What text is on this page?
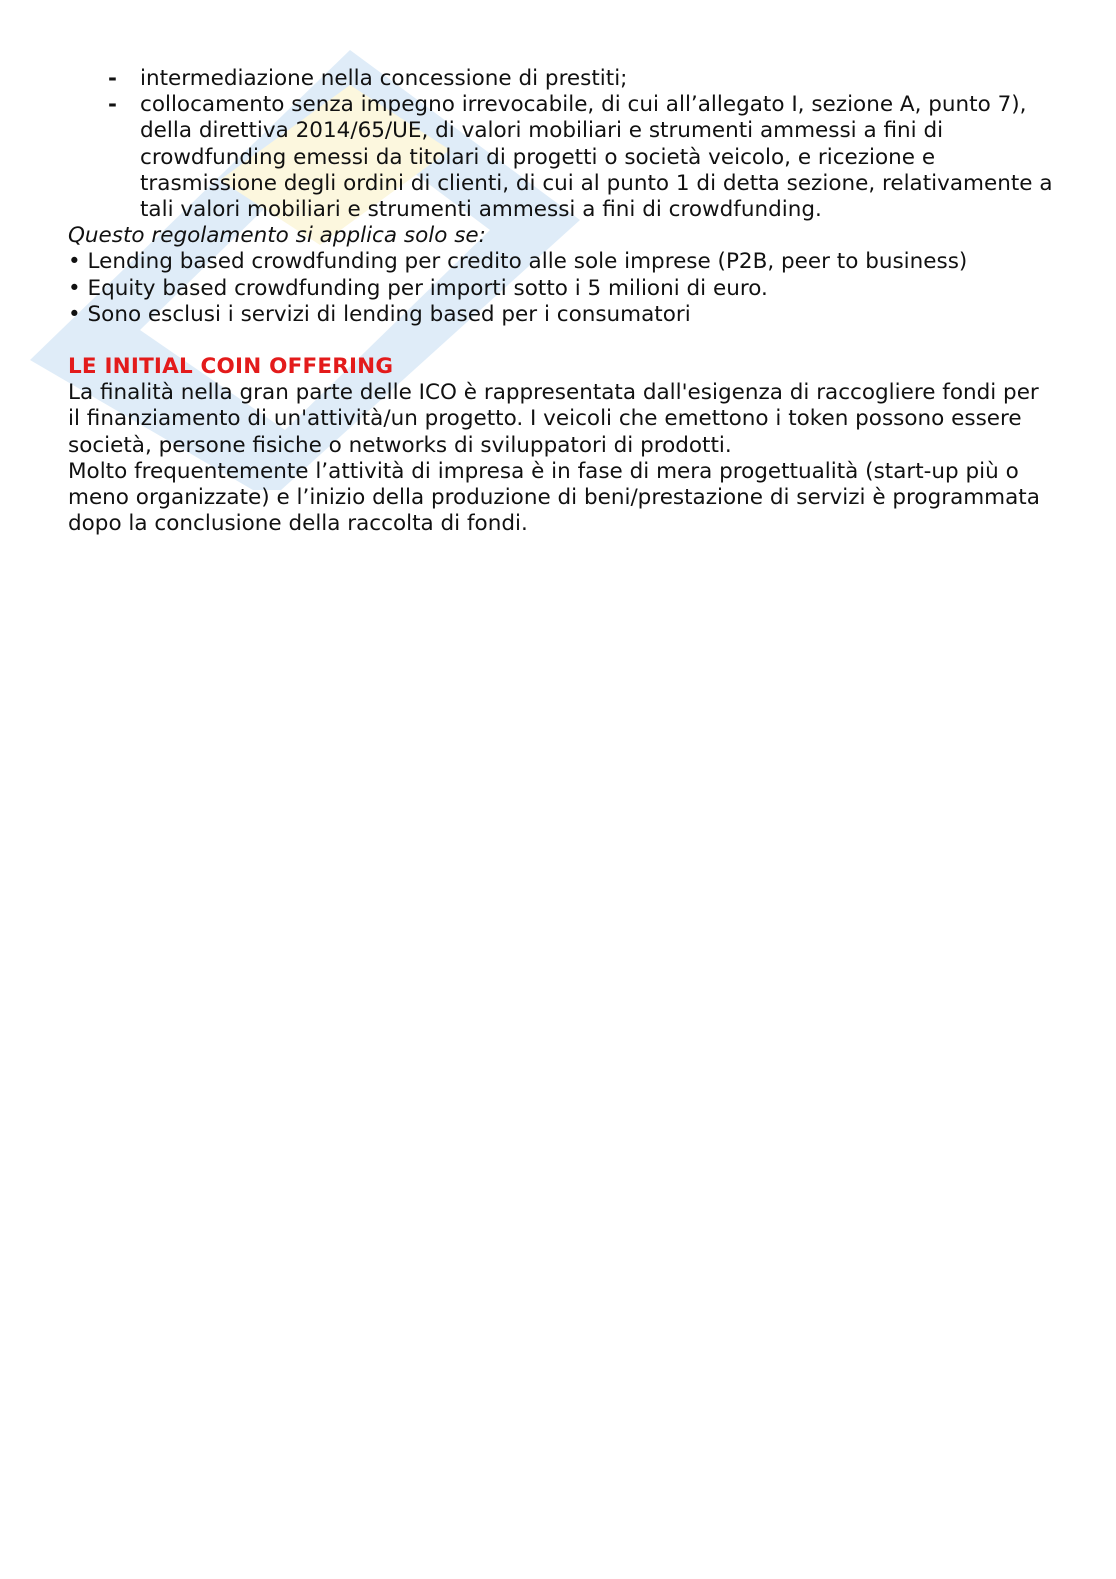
- intermediazione nella concessione di prestiti;
- collocamento senza impegno irrevocabile, di cui all’allegato I, sezione A, punto 7), della direttiva 2014/65/UE, di valori mobiliari e strumenti ammessi a fini di crowdfunding emessi da titolari di progetti o società veicolo, e ricezione e trasmissione degli ordini di clienti, di cui al punto 1 di detta sezione, relativamente a tali valori mobiliari e strumenti ammessi a fini di crowdfunding.

Questo regolamento si applica solo se:

• Lending based crowdfunding per credito alle sole imprese (P2B, peer to business)
• Equity based crowdfunding per importi sotto i 5 milioni di euro.
• Sono esclusi i servizi di lending based per i consumatori
LE INITIAL COIN OFFERING

La finalità nella gran parte delle ICO è rappresentata dall'esigenza di raccogliere fondi per il finanziamento di un'attività/un progetto. I veicoli che emettono i token possono essere società, persone fisiche o networks di sviluppatori di prodotti.

Molto frequentemente l’attività di impresa è in fase di mera progettualità (start-up più o meno organizzate) e l’inizio della produzione di beni/prestazione di servizi è programmata dopo la conclusione della raccolta di fondi.
